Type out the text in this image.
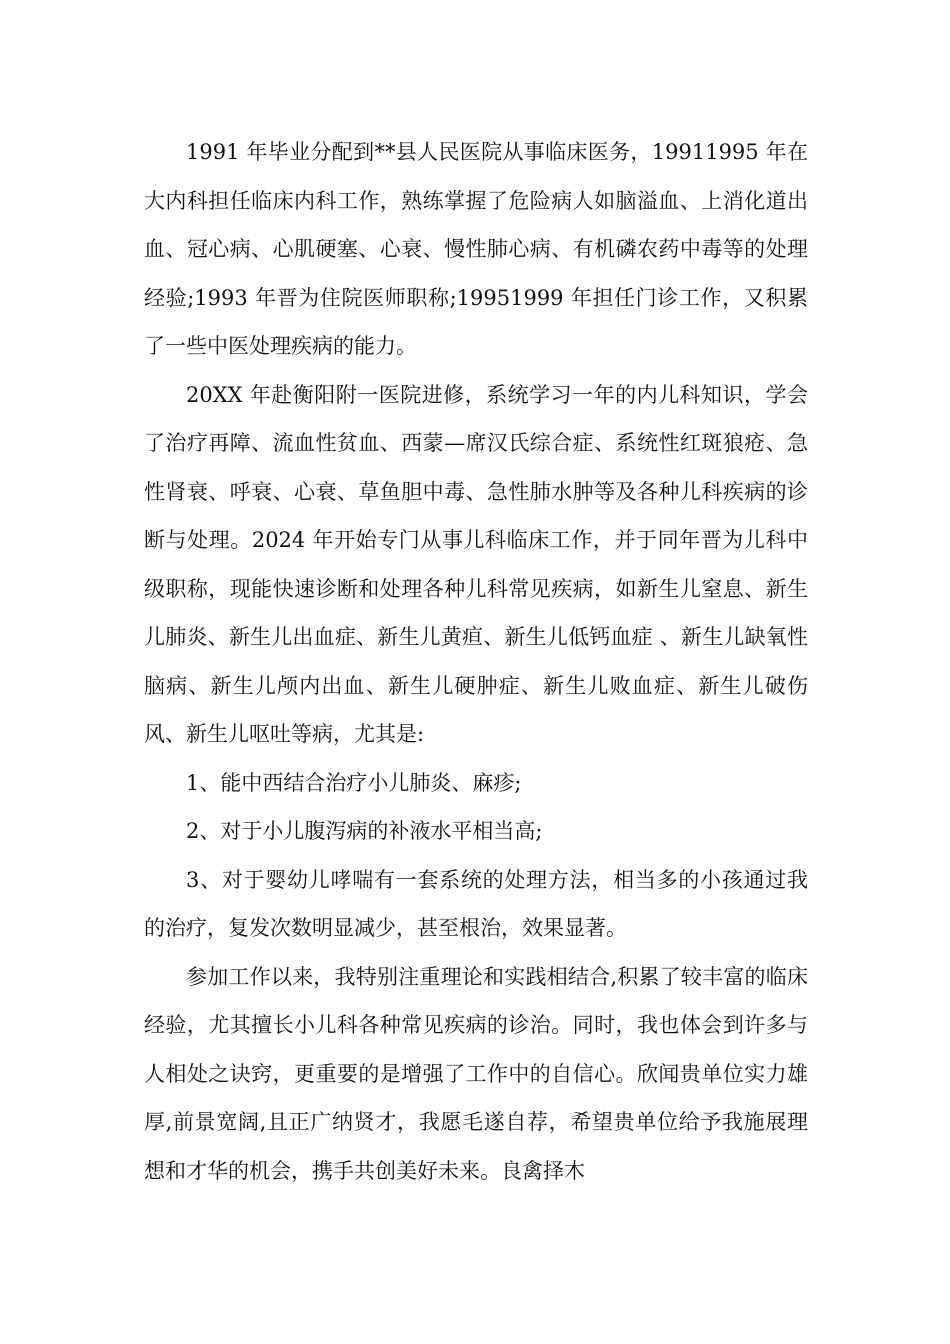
1991 年毕业分配到**县人民医院从事临床医务，19911995 年在大内科担任临床内科工作，熟练掌握了危险病人如脑溢血、上消化道出血、冠心病、心肌硬塞、心衰、慢性肺心病、有机磷农药中毒等的处理经验;1993 年晋为住院医师职称;19951999 年担任门诊工作，又积累了一些中医处理疾病的能力。

20XX 年赴衡阳附一医院进修，系统学习一年的内儿科知识，学会了治疗再障、流血性贫血、西蒙—席汉氏综合症、系统性红斑狼疮、急性肾衰、呼衰、心衰、草鱼胆中毒、急性肺水肿等及各种儿科疾病的诊断与处理。2024 年开始专门从事儿科临床工作，并于同年晋为儿科中级职称，现能快速诊断和处理各种儿科常见疾病，如新生儿窒息、新生儿肺炎、新生儿出血症、新生儿黄疸、新生儿低钙血症 、新生儿缺氧性脑病、新生儿颅内出血、新生儿硬肿症、新生儿败血症、新生儿破伤风、新生儿呕吐等病，尤其是:

1、能中西结合治疗小儿肺炎、麻疹;

2、对于小儿腹泻病的补液水平相当高;

3、对于婴幼儿哮喘有一套系统的处理方法，相当多的小孩通过我的治疗，复发次数明显减少，甚至根治，效果显著。

参加工作以来，我特别注重理论和实践相结合,积累了较丰富的临床经验，尤其擅长小儿科各种常见疾病的诊治。同时，我也体会到许多与人相处之诀窍，更重要的是增强了工作中的自信心。欣闻贵单位实力雄厚,前景宽阔,且正广纳贤才，我愿毛遂自荐，希望贵单位给予我施展理想和才华的机会，携手共创美好未来。良禽择木
